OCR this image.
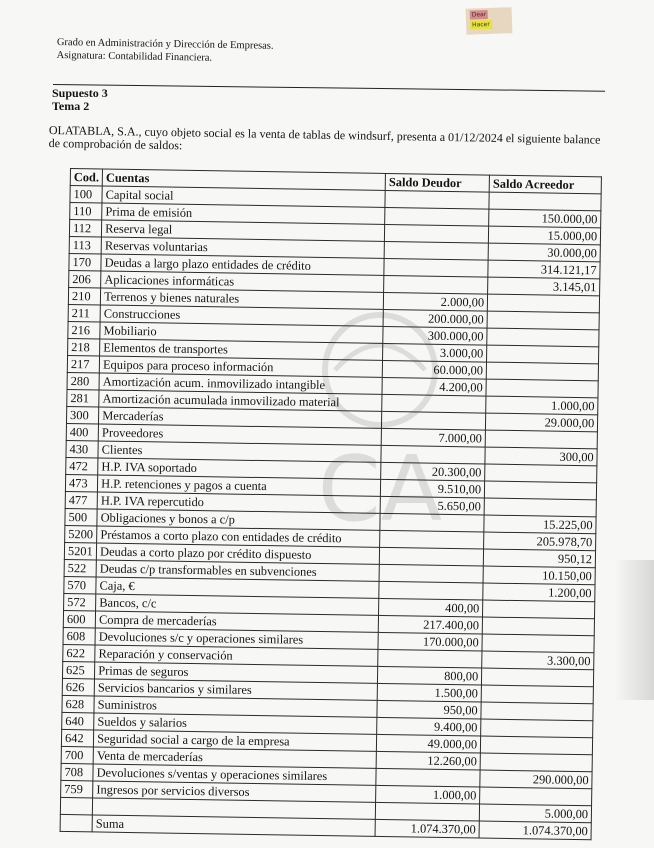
Dear
Hacer
Grado en Administración y Dirección de Empresas.
Asignatura: Contabilidad Financiera.
Supuesto 3
Tema 2

OLATABLA, S.A., cuyo objeto social es la venta de tablas de windsurf, presenta a 01/12/2024 el siguiente balance de comprobación de saldos:

CA
Cod.	Cuentas	Saldo Deudor	Saldo Acreedor
100	Capital social		
110	Prima de emisión		150.000,00
112	Reserva legal		15.000,00
113	Reservas voluntarias		30.000,00
170	Deudas a largo plazo entidades de crédito		314.121,17
206	Aplicaciones informáticas		3.145,01
210	Terrenos y bienes naturales	2.000,00	
211	Construcciones	200.000,00	
216	Mobiliario	300.000,00	
218	Elementos de transportes	3.000,00	
217	Equipos para proceso información	60.000,00	
280	Amortización acum. inmovilizado intangible	4.200,00	
281	Amortización acumulada inmovilizado material		1.000,00
300	Mercaderías		29.000,00
400	Proveedores	7.000,00	
430	Clientes		300,00
472	H.P. IVA soportado	20.300,00	
473	H.P. retenciones y pagos a cuenta	9.510,00	
477	H.P. IVA repercutido	5.650,00	
500	Obligaciones y bonos a c/p		15.225,00
5200	Préstamos a corto plazo con entidades de crédito		205.978,70
5201	Deudas a corto plazo por crédito dispuesto		950,12
522	Deudas c/p transformables en subvenciones		10.150,00
570	Caja, €		1.200,00
572	Bancos, c/c	400,00	
600	Compra de mercaderías	217.400,00	
608	Devoluciones s/c y operaciones similares	170.000,00	
622	Reparación y conservación		3.300,00
625	Primas de seguros	800,00	
626	Servicios bancarios y similares	1.500,00	
628	Suministros	950,00	
640	Sueldos y salarios	9.400,00	
642	Seguridad social a cargo de la empresa	49.000,00	
700	Venta de mercaderías	12.260,00	
708	Devoluciones s/ventas y operaciones similares		290.000,00
759	Ingresos por servicios diversos	1.000,00	
			5.000,00
	Suma	1.074.370,00	1.074.370,00
